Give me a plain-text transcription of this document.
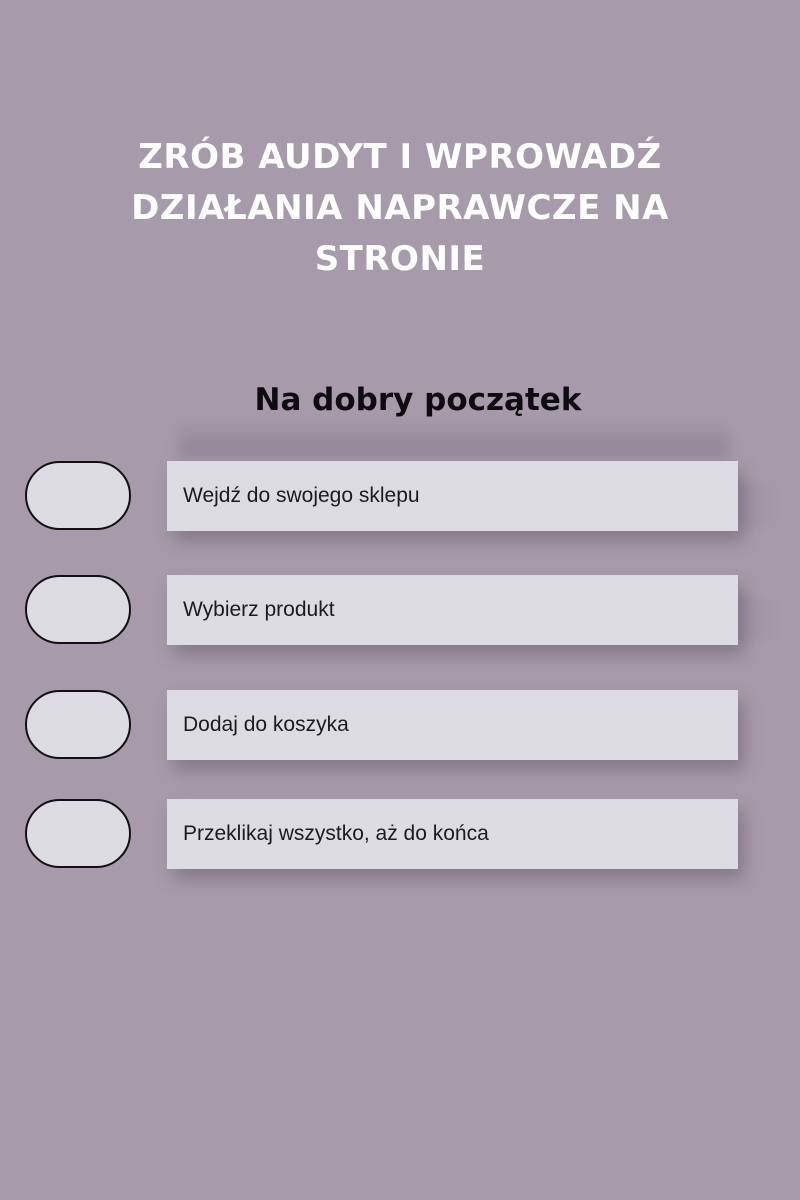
ZRÓB AUDYT I WPROWADŹ
DZIAŁANIA NAPRAWCZE NA
STRONIE
Na dobry początek
Wejdź do swojego sklepu
Wybierz produkt
Dodaj do koszyka
Przeklikaj wszystko, aż do końca
